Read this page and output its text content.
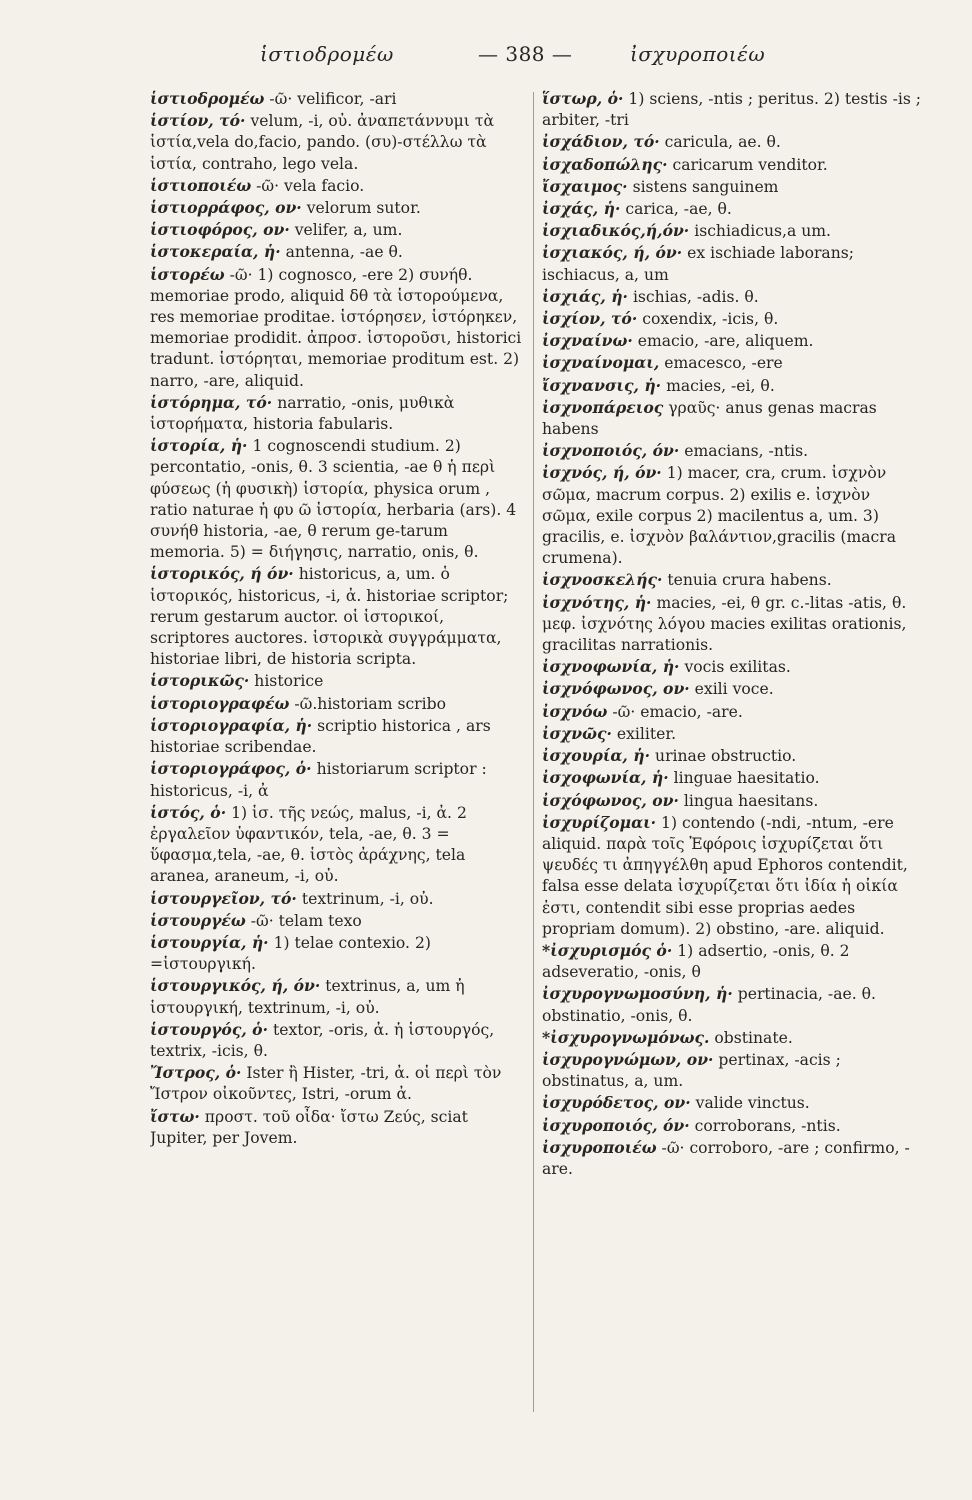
ἱστιοδρομέω	— 388 —	ἰσχυροποιέω

ἱστιοδρομέω -ῶ· velificor, -ari

ἱστίον, τό· velum, -i, οὐ. ἀναπετάννυμι τὰ ἱστία,vela do,facio, pando. (συ)-στέλλω τὰ ἱστία, contraho, lego vela.

ἱστιοποιέω -ῶ· vela facio.

ἱστιορράφος, ον· velorum sutor.

ἱστιοφόρος, ον· velifer, a, um.

ἱστοκεραία, ἡ· antenna, -ae θ.

ἱστορέω -ῶ· 1) cognosco, -ere 2) συνήθ. memoriae prodo, aliquid δθ τὰ ἱστορούμενα, res memoriae proditae. ἱστόρησεν, ἱστόρηκεν, memoriae prodidit. ἀπροσ. ἱστοροῦσι, historici tradunt. ἱστόρηται, memoriae proditum est. 2) narro, -are, aliquid.

ἱστόρημα, τό· narratio, -onis, μυθικὰ ἱστορήματα, historia fabularis.

ἱστορία, ἡ· 1 cognoscendi studium. 2) percontatio, -onis, θ. 3 scientia, -ae θ ἡ περὶ φύσεως (ἡ φυσικὴ) ἱστορία, physica orum , ratio naturae ἡ φυ ῶ ἱστορία, herbaria (ars). 4 συνήθ historia, -ae, θ rerum ge-tarum memoria. 5) = διήγησις, narratio, onis, θ.

ἱστορικός, ή όν· historicus, a, um. ὁ ἱστορικός, historicus, -i, ἀ. historiae scriptor; rerum gestarum auctor. οἱ ἱστορικοί, scriptores auctores. ἱστορικὰ συγγράμματα, historiae libri, de historia scripta.

ἱστορικῶς· historice

ἱστοριογραφέω -ῶ.historiam scribo

ἱστοριογραφία, ἡ· scriptio historica , ars historiae scribendae.

ἱστοριογράφος, ὁ· historiarum scriptor : historicus, -i, ἀ

ἱστός, ὁ· 1) ἱσ. τῆς νεώς, malus, -i, ἀ. 2 ἐργαλεῖον ὑφαντικόν, tela, -ae, θ. 3 = ὕφασμα,tela, -ae, θ. ἱστὸς ἀράχνης, tela aranea, araneum, -i, οὐ.

ἱστουργεῖον, τό· textrinum, -i, οὐ.

ἱστουργέω -ῶ· telam texo

ἱστουργία, ἡ· 1) telae contexio. 2) =ἱστουργική.

ἱστουργικός, ή, όν· textrinus, a, um ἡ ἱστουργική, textrinum, -i, οὐ.

ἱστουργός, ὁ· textor, -oris, ἀ. ἡ ἱστουργός, textrix, -icis, θ.

Ἴστρος, ὁ· Ister ἢ Hister, -tri, ἀ. οἱ περὶ τὸν Ἴστρον οἰκοῦντες, Istri, -orum ἀ.

ἴστω· προστ. τοῦ οἶδα· ἴστω Ζεύς, sciat Jupiter, per Jovem.

ἵστωρ, ὁ· 1) sciens, -ntis ; peritus. 2) testis -is ; arbiter, -tri

ἰσχάδιον, τό· caricula, ae. θ.

ἰσχαδοπώλης· caricarum venditor.

ἴσχαιμος· sistens sanguinem

ἰσχάς, ἡ· carica, -ae, θ.

ἰσχιαδικός,ή,όν· ischiadicus,a um.

ἰσχιακός, ή, όν· ex ischiade laborans; ischiacus, a, um

ἰσχιάς, ἡ· ischias, -adis. θ.

ἰσχίον, τό· coxendix, -icis, θ.

ἰσχναίνω· emacio, -are, aliquem.

ἰσχναίνομαι, emacesco, -ere

ἴσχνανσις, ἡ· macies, -ei, θ.

ἰσχνοπάρειος γραῦς· anus genas macras habens

ἰσχνοποιός, όν· emacians, -ntis.

ἰσχνός, ή, όν· 1) macer, cra, crum. ἰσχνὸν σῶμα, macrum corpus. 2) exilis e. ἰσχνὸν σῶμα, exile corpus 2) macilentus a, um. 3) gracilis, e. ἰσχνὸν βαλάντιον,gracilis (macra crumena).

ἰσχνοσκελής· tenuia crura habens.

ἰσχνότης, ἡ· macies, -ei, θ gr. c.-litas -atis, θ. μεφ. ἰσχνότης λόγου macies exilitas orationis, gracilitas narrationis.

ἰσχνοφωνία, ἡ· vocis exilitas.

ἰσχνόφωνος, ον· exili voce.

ἰσχνόω -ῶ· emacio, -are.

ἰσχνῶς· exiliter.

ἰσχουρία, ἡ· urinae obstructio.

ἰσχοφωνία, ἡ· linguae haesitatio.

ἰσχόφωνος, ον· lingua haesitans.

ἰσχυρίζομαι· 1) contendo (-ndi, -ntum, -ere aliquid. παρὰ τοῖς Ἐφόροις ἰσχυρίζεται ὅτι ψευδές τι ἀπηγγέλθη apud Ephoros contendit, falsa esse delata ἰσχυρίζεται ὅτι ἰδία ἡ οἰκία ἐστι, contendit sibi esse proprias aedes propriam domum). 2) obstino, -are. aliquid.

*ἰσχυρισμός ὁ· 1) adsertio, -onis, θ. 2 adseveratio, -onis, θ

ἰσχυρογνωμοσύνη, ἡ· pertinacia, -ae. θ. obstinatio, -onis, θ.

*ἰσχυρογνωμόνως. obstinate.

ἰσχυρογνώμων, ον· pertinax, -acis ; obstinatus, a, um.

ἰσχυρόδετος, ον· valide vinctus.

ἰσχυροποιός, όν· corroborans, -ntis.

ἰσχυροποιέω -ῶ· corroboro, -are ; confirmo, -are.
